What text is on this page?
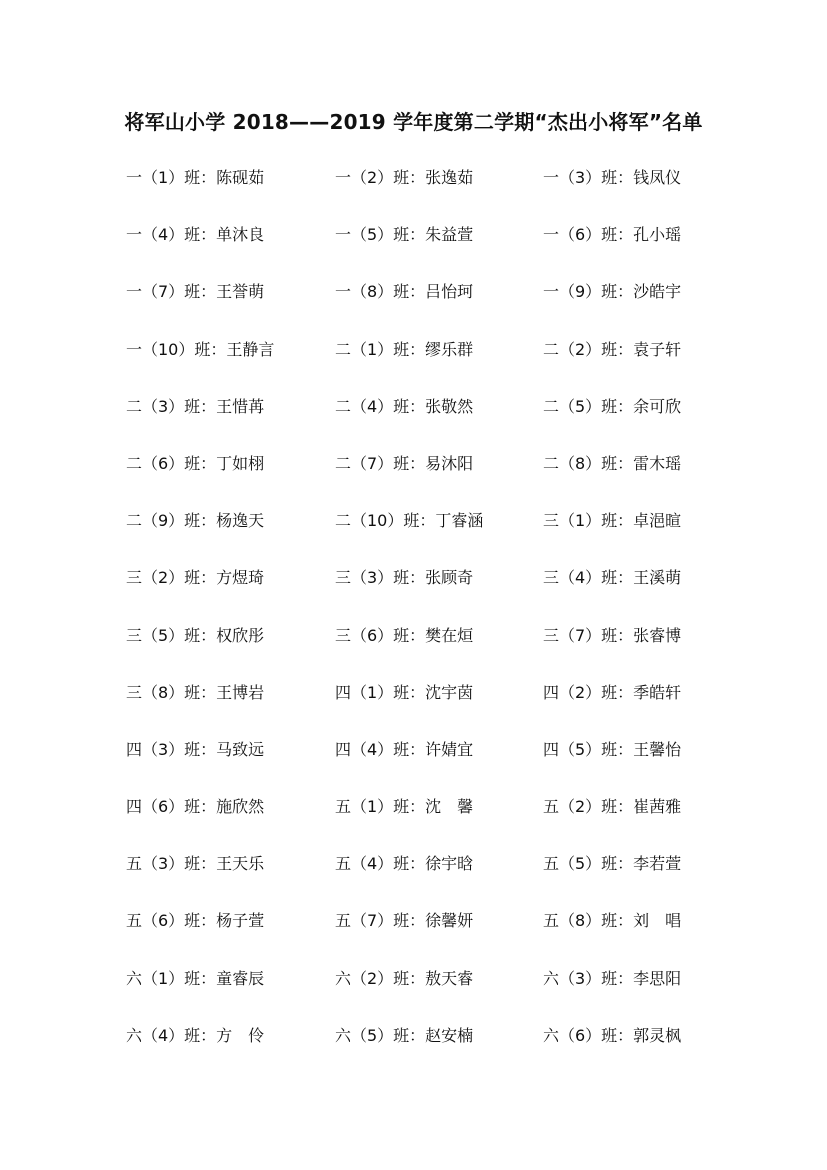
将军山小学 2018——2019 学年度第二学期“杰出小将军”名单
一（1）班：陈砚茹	一（2）班：张逸茹	一（3）班：钱凤仪
一（4）班：单沐良	一（5）班：朱益萱	一（6）班：孔小瑶
一（7）班：王誉萌	一（8）班：吕怡珂	一（9）班：沙皓宇
一（10）班：王静言	二（1）班：缪乐群	二（2）班：袁子轩
二（3）班：王惜苒	二（4）班：张敬然	二（5）班：余可欣
二（6）班：丁如栩	二（7）班：易沐阳	二（8）班：雷木瑶
二（9）班：杨逸天	二（10）班：丁睿涵	三（1）班：卓浥暄
三（2）班：方煜琦	三（3）班：张顾奇	三（4）班：王溪萌
三（5）班：权欣彤	三（6）班：樊在烜	三（7）班：张睿博
三（8）班：王博岩	四（1）班：沈宇茵	四（2）班：季皓轩
四（3）班：马致远	四（4）班：许婧宜	四（5）班：王馨怡
四（6）班：施欣然	五（1）班：沈　馨	五（2）班：崔茜雅
五（3）班：王天乐	五（4）班：徐宇晗	五（5）班：李若萱
五（6）班：杨子萱	五（7）班：徐馨妍	五（8）班：刘　唱
六（1）班：童睿辰	六（2）班：敖天睿	六（3）班：李思阳
六（4）班：方　伶	六（5）班：赵安楠	六（6）班：郭灵枫
